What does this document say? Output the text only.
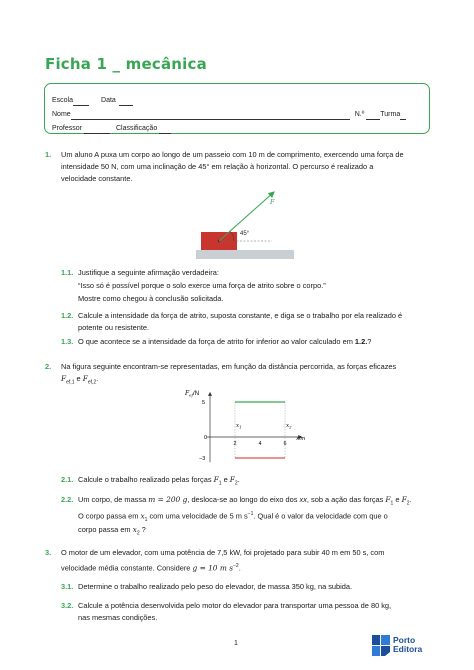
Ficha 1 _ mecânica
Escola	Data
Nome	N.º Turma
Professor	Classificação
1. Um aluno A puxa um corpo ao longo de um passeio com 10 m de comprimento, exercendo uma força de
intensidade 50 N, com uma inclinação de 45° em relação à horizontal. O percurso é realizado a
velocidade constante.
45°
F
1.1. Justifique a seguinte afirmação verdadeira:
“Isso só é possível porque o solo exerce uma força de atrito sobre o corpo.”
Mostre como chegou à conclusão solicitada.
1.2. Calcule a intensidade da força de atrito, suposta constante, e diga se o trabalho por ela realizado é
potente ou resistente.
1.3. O que acontece se a intensidade da força de atrito for inferior ao valor calculado em 1.2.?
2. Na figura seguinte encontram-se representadas, em função da distância percorrida, as forças eficazes
$F_{ef,1}$ e $F_{ef,2}$.
$F_{ef}/N$
5
−3
0
2	4	6
x/m
$x_1$	$x_2$
2.1. Calcule o trabalho realizado pelas forças $F_1$ e $F_2$.
2.2. Um corpo, de massa m = 200 g, desloca-se ao longo do eixo dos xx, sob a ação das forças $F_1$ e $F_2$.
O corpo passa em $x_1$ com uma velocidade de 5 m $s^{-1}$. Qual é o valor da velocidade com que o
corpo passa em $x_2$ ?
3. O motor de um elevador, com uma potência de 7,5 kW, foi projetado para subir 40 m em 50 s, com
velocidade média constante. Considere g = 10 m $s^{-2}$.
3.1. Determine o trabalho realizado pelo peso do elevador, de massa 350 kg, na subida.
3.2. Calcule a potência desenvolvida pelo motor do elevador para transportar uma pessoa de 80 kg,
nas mesmas condições.
1	Porto
Editora
